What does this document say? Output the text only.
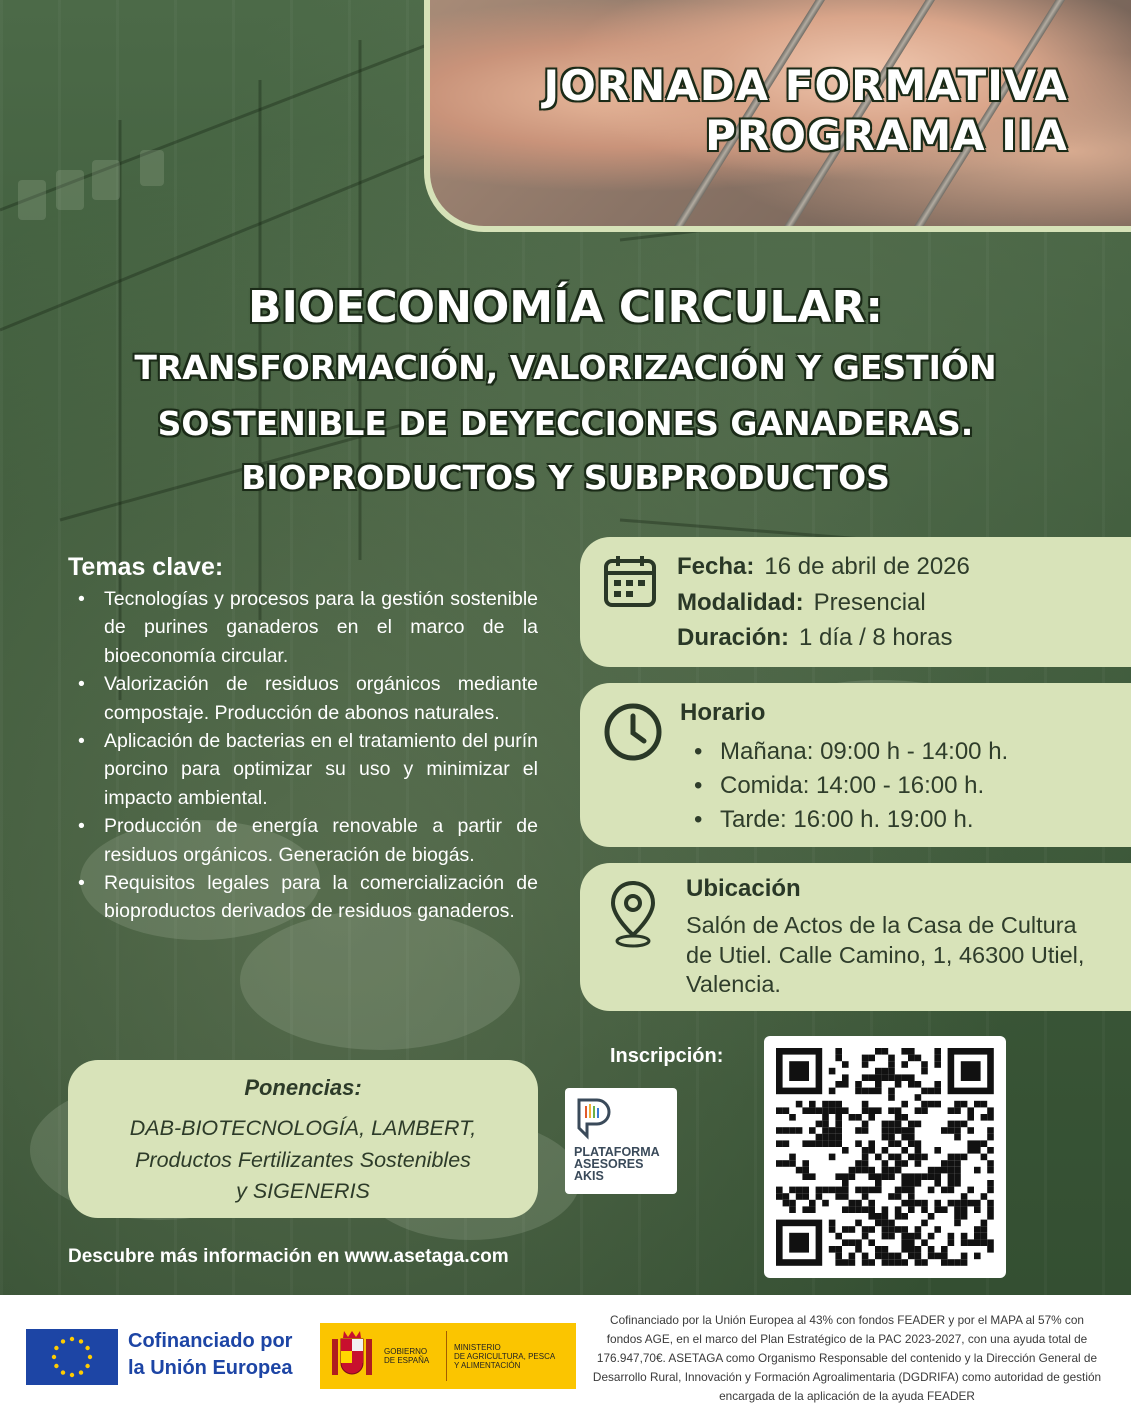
JORNADA FORMATIVA
PROGRAMA IIA
BIOECONOMÍA CIRCULAR:
TRANSFORMACIÓN, VALORIZACIÓN Y GESTIÓN
SOSTENIBLE DE DEYECCIONES GANADERAS.
BIOPRODUCTOS Y SUBPRODUCTOS
Temas clave:
• Tecnologías y procesos para la gestión sostenible de purines ganaderos en el marco de la bioeconomía circular.
• Valorización de residuos orgánicos mediante compostaje. Producción de abonos naturales.
• Aplicación de bacterias en el tratamiento del purín porcino para optimizar su uso y minimizar el impacto ambiental.
• Producción de energía renovable a partir de residuos orgánicos. Generación de biogás.
• Requisitos legales para la comercialización de bioproductos derivados de residuos ganaderos.
Fecha: 16 de abril de 2026
Modalidad: Presencial
Duración: 1 día / 8 horas
Horario
• Mañana: 09:00 h - 14:00 h.
• Comida: 14:00 - 16:00 h.
• Tarde: 16:00 h. 19:00 h.
Ubicación
Salón de Actos de la Casa de Cultura de Utiel. Calle Camino, 1, 46300 Utiel, Valencia.
Ponencias:
DAB-BIOTECNOLOGÍA, LAMBERT,
Productos Fertilizantes Sostenibles
y SIGENERIS
Inscripción:
PLATAFORMA
ASESORES
AKIS
Descubre más información en www.asetaga.com
Cofinanciado por
la Unión Europea
GOBIERNO
DE ESPAÑA
MINISTERIO
DE AGRICULTURA, PESCA
Y ALIMENTACIÓN
Cofinanciado por la Unión Europea al 43% con fondos FEADER y por el MAPA al 57% con fondos AGE, en el marco del Plan Estratégico de la PAC 2023-2027, con una ayuda total de 176.947,70€. ASETAGA como Organismo Responsable del contenido y la Dirección General de Desarrollo Rural, Innovación y Formación Agroalimentaria (DGDRIFA) como autoridad de gestión encargada de la aplicación de la ayuda FEADER
